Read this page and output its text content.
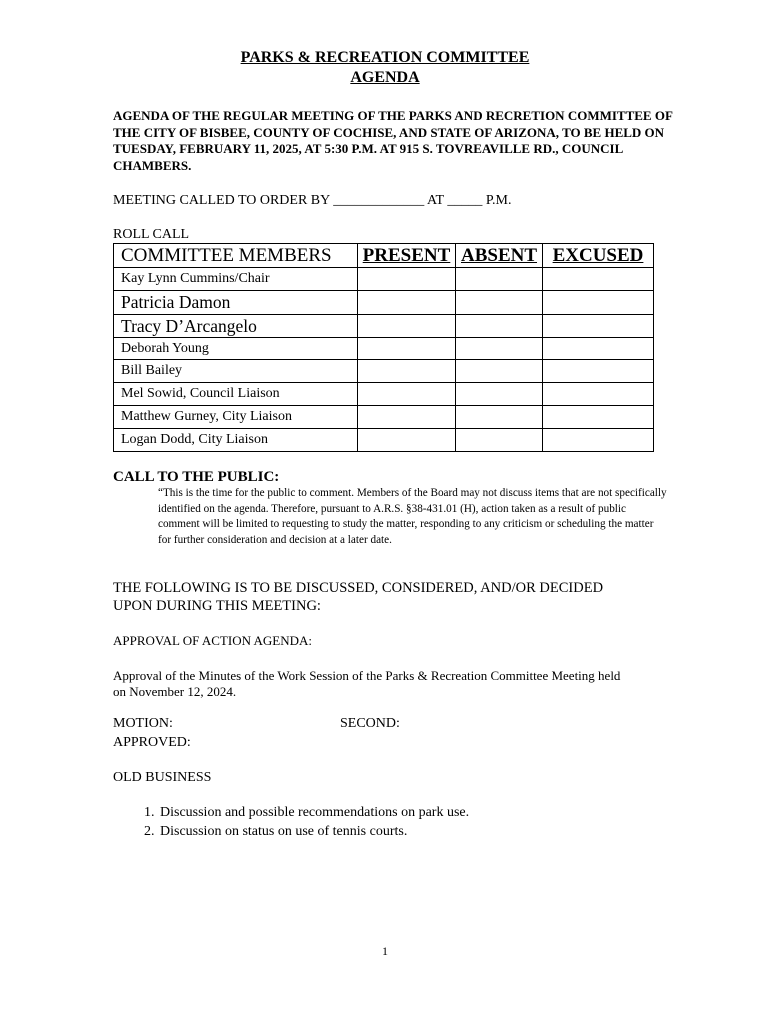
PARKS & RECREATION COMMITTEE
AGENDA
AGENDA OF THE REGULAR MEETING OF THE PARKS AND RECRETION COMMITTEE OF THE CITY OF BISBEE, COUNTY OF COCHISE, AND STATE OF ARIZONA, TO BE HELD ON TUESDAY, FEBRUARY 11, 2025, AT 5:30 P.M. AT 915 S. TOVREAVILLE RD., COUNCIL CHAMBERS.
MEETING CALLED TO ORDER BY _____________ AT _____ P.M.
ROLL CALL
COMMITTEE MEMBERS	PRESENT	ABSENT	EXCUSED
Kay Lynn Cummins/Chair			
Patricia Damon			
Tracy D’Arcangelo			
Deborah Young			
Bill Bailey			
Mel Sowid, Council Liaison			
Matthew Gurney, City Liaison			
Logan Dodd, City Liaison			
CALL TO THE PUBLIC:
“This is the time for the public to comment. Members of the Board may not discuss items that are not specifically identified on the agenda. Therefore, pursuant to A.R.S. §38-431.01 (H), action taken as a result of public comment will be limited to requesting to study the matter, responding to any criticism or scheduling the matter for further consideration and decision at a later date.
THE FOLLOWING IS TO BE DISCUSSED, CONSIDERED, AND/OR DECIDED
UPON DURING THIS MEETING:
APPROVAL OF ACTION AGENDA:
Approval of the Minutes of the Work Session of the Parks & Recreation Committee Meeting held
on November 12, 2024.
MOTION:	SECOND:
APPROVED:
OLD BUSINESS
1. Discussion and possible recommendations on park use.
2. Discussion on status on use of tennis courts.
1
